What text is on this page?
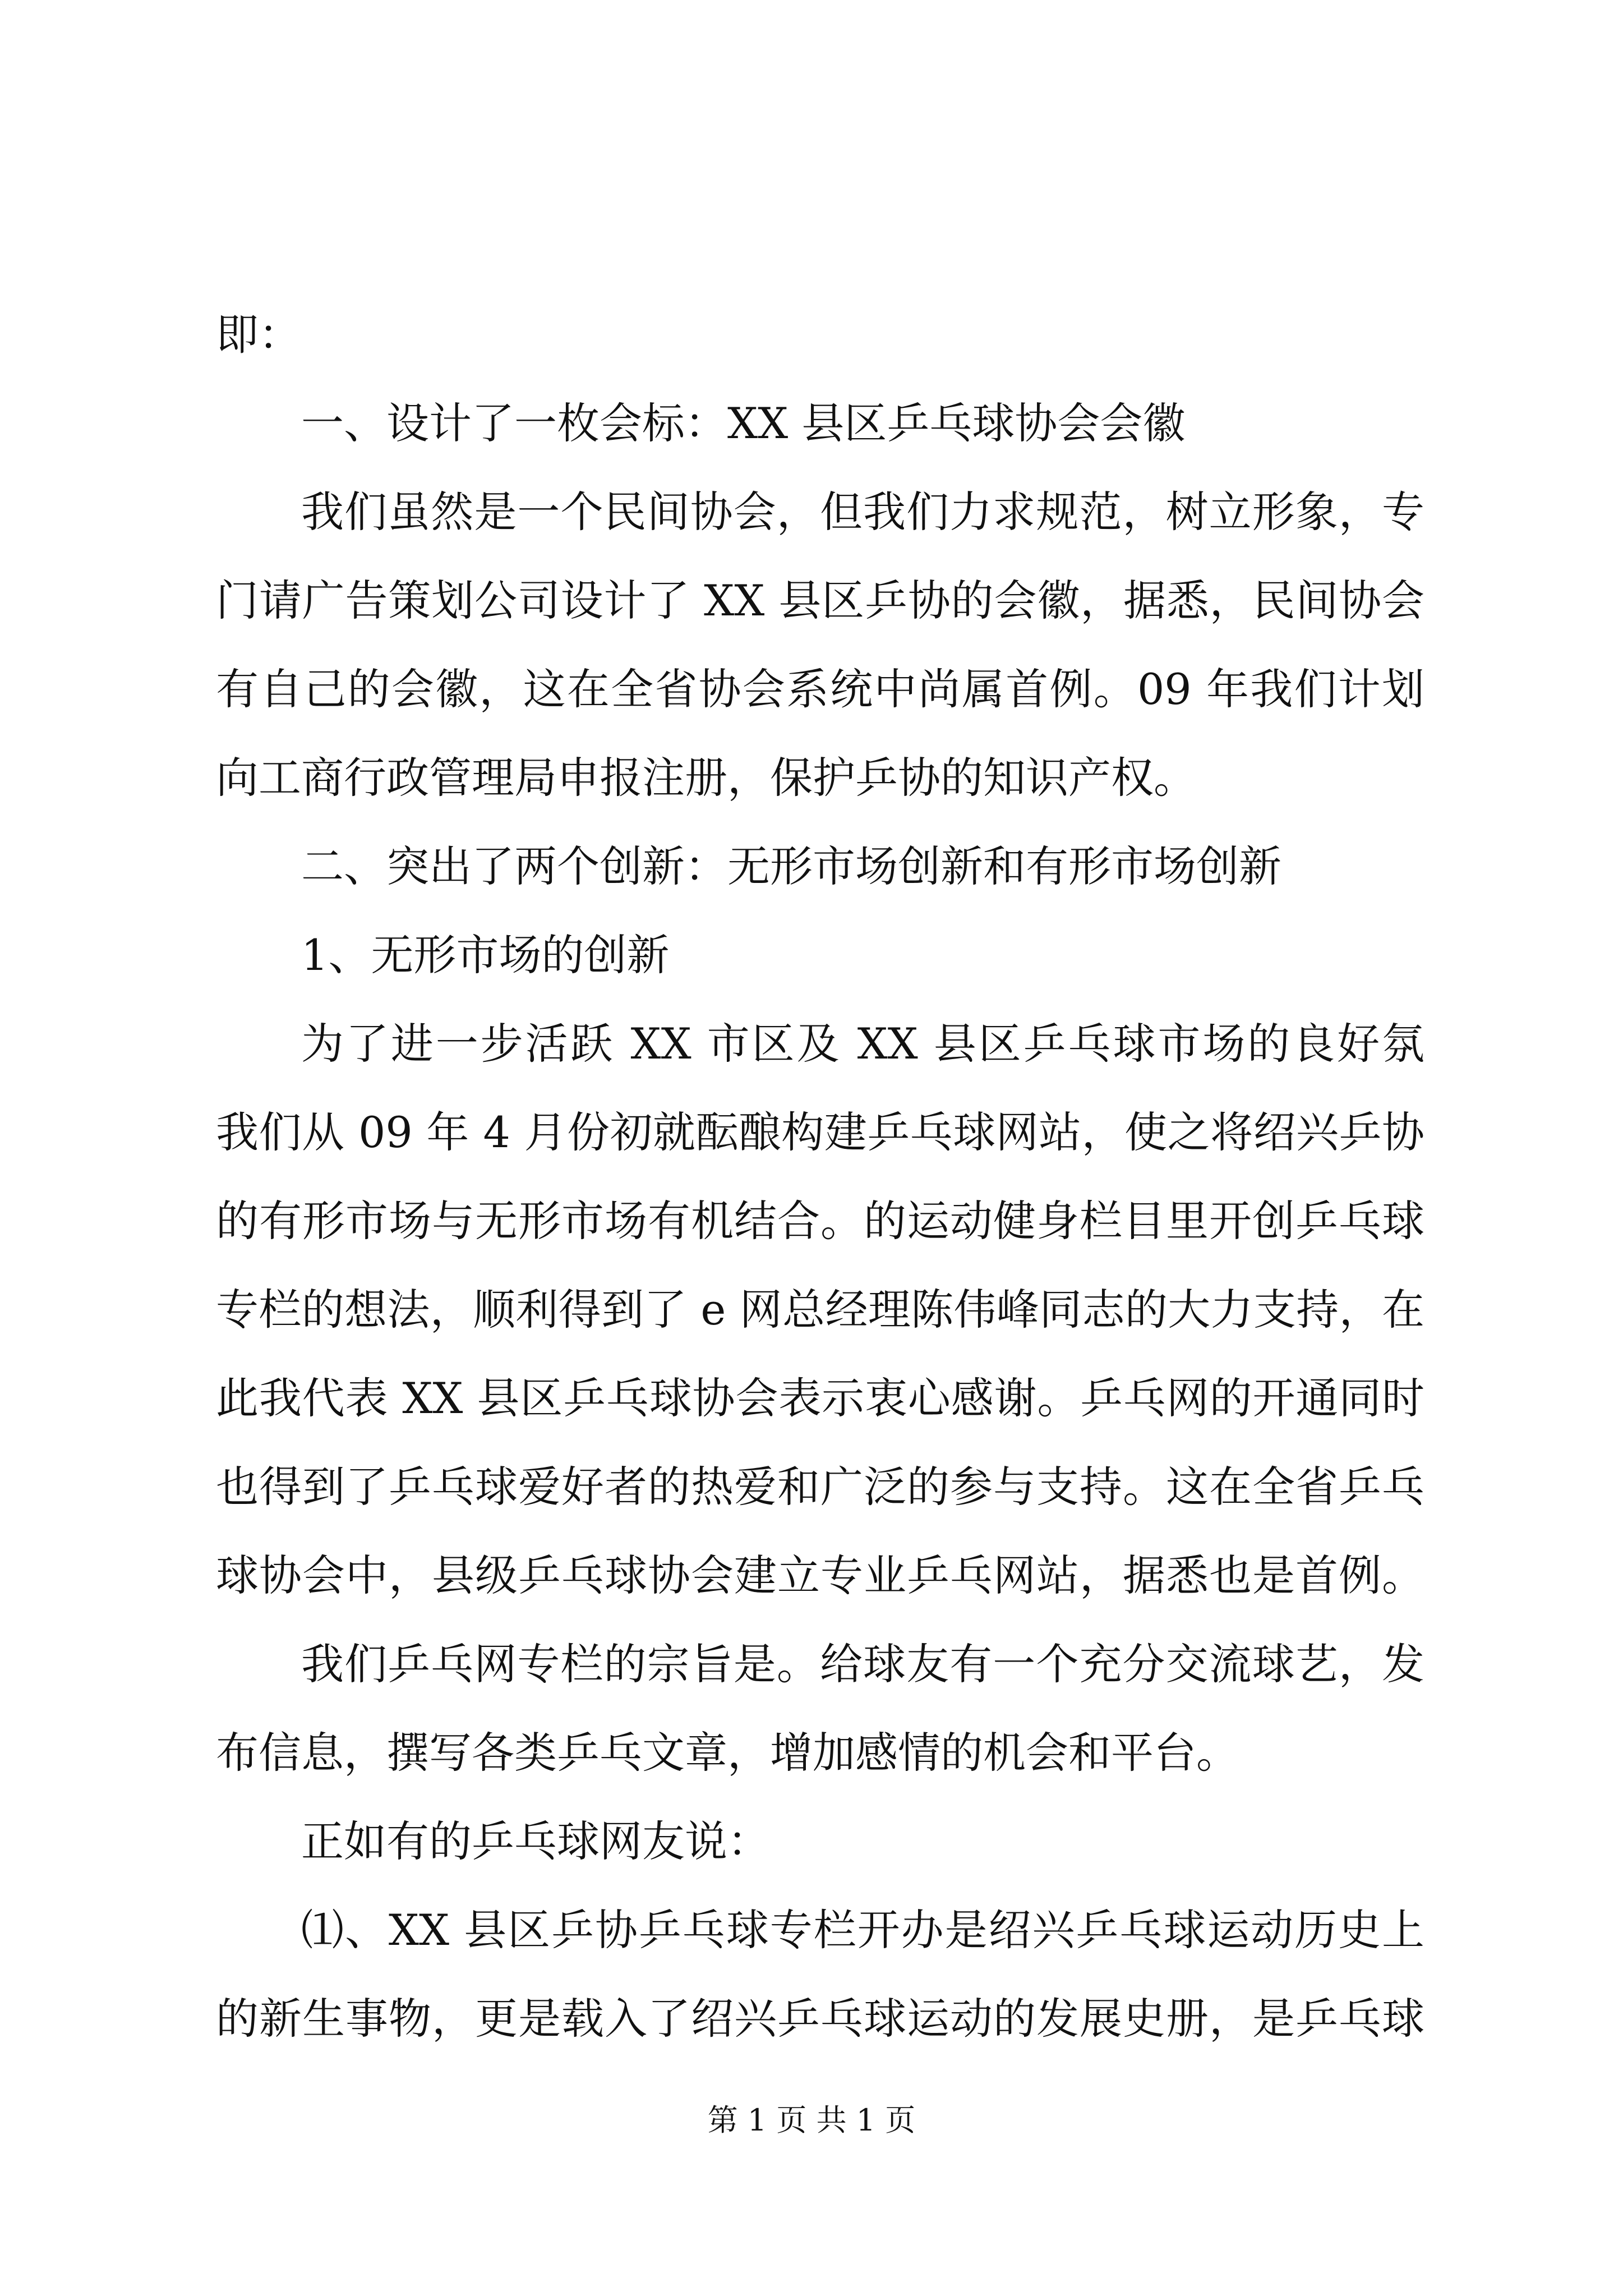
即：
一、设计了一枚会标：XX 县区乒乓球协会会徽
我们虽然是一个民间协会，但我们力求规范，树立形象，专
门请广告策划公司设计了 XX 县区乒协的会徽，据悉，民间协会
有自己的会徽，这在全省协会系统中尚属首例。09 年我们计划
向工商行政管理局申报注册，保护乒协的知识产权。
二、突出了两个创新：无形市场创新和有形市场创新
1、无形市场的创新
为了进一步活跃 XX 市区及 XX 县区乒乓球市场的良好氛
我们从 09 年 4 月份初就酝酿构建乒乓球网站，使之将绍兴乒协
的有形市场与无形市场有机结合。的运动健身栏目里开创乒乓球
专栏的想法，顺利得到了 e 网总经理陈伟峰同志的大力支持，在
此我代表 XX 县区乒乓球协会表示衷心感谢。乒乓网的开通同时
也得到了乒乓球爱好者的热爱和广泛的参与支持。这在全省乒乓
球协会中，县级乒乓球协会建立专业乒乓网站，据悉也是首例。
我们乒乓网专栏的宗旨是。给球友有一个充分交流球艺，发
布信息，撰写各类乒乓文章，增加感情的机会和平台。
正如有的乒乓球网友说：
⑴、XX 县区乒协乒乓球专栏开办是绍兴乒乓球运动历史上
的新生事物，更是载入了绍兴乒乓球运动的发展史册，是乒乓球
第 1 页 共 1 页
